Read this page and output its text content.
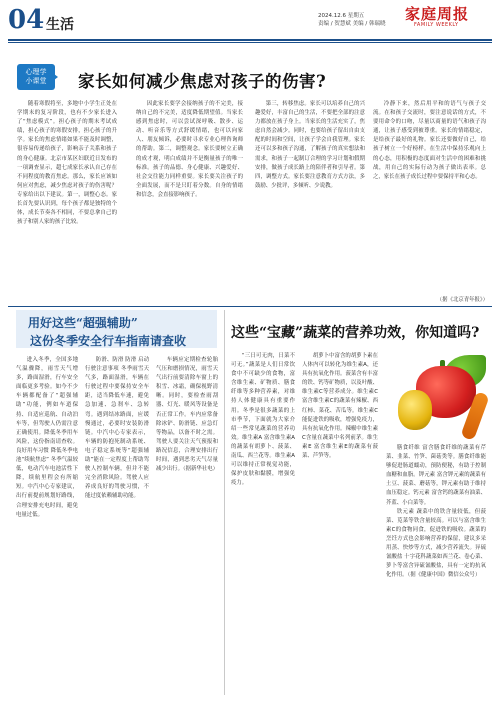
04 生活
2024.12.6 星期五
责编 / 贺慧斌 美编 / 韩瑞晓
家庭周报
FAMILY WEEKLY
心理学
小课堂	家长如何减少焦虑对孩子的伤害?

随着寒假将至，多地中小学生正处在学期末的复习阶段，也有不少家长进入了“焦虑模式”。担心孩子的期末考试成绩，担心孩子的寒假安排，担心孩子的升学。家长的焦虑情绪如果不能及时调整，很容易传递给孩子，影响亲子关系和孩子的身心健康。北京市某区妇联近日发布的一项调查显示，超七成家长承认自己存在不同程度的教育焦虑。那么，家长应该如何应对焦虑，减少焦虑对孩子的伤害呢？专家给出以下建议。第一，调整心态。家长首先要认识到，每个孩子都是独特的个体，成长节奏各不相同，不要总拿自己的孩子和别人家的孩子比较。

因此家长要学会接纳孩子的不完美，接纳自己的不完美，适度降低期望值。当家长感到焦虑时，可以尝试深呼吸、散步、运动、听音乐等方式舒缓情绪，也可以向家人、朋友倾诉，必要时寻求专业心理咨询师的帮助。第二，调整观念。家长要树立正确的成才观，明白成绩并不是衡量孩子的唯一标准。孩子的品德、身心健康、兴趣爱好、社会交往能力同样重要。家长要关注孩子的全面发展，而不是只盯着分数。自身的情绪和信念，会直接影响孩子。

第三，转移焦虑。家长可以培养自己的兴趣爱好，丰富自己的生活，不要把全部的注意力都放在孩子身上。当家长的生活充实了，焦虑自然会减少。同时，也要给孩子留出自由支配的时间和空间，让孩子学会自我管理。家长还可以多和孩子沟通，了解孩子的真实想法和需求，和孩子一起制订合理的学习计划和假期安排，做孩子成长路上的陪伴者和引导者。第四，调整方式。家长要注意教育方式方法，多鼓励、少批评，多倾听、少说教。

冷静下来，然后用平和的语气与孩子交流。在和孩子交流时，要注意说话的方式，不要用命令的口吻，尽量以商量的语气和孩子沟通，让孩子感受到被尊重。家长的情绪稳定，是给孩子最好的礼物。家长还要做好自己，给孩子树立一个好榜样。在生活中保持乐观向上的心态，用积极的态度面对生活中的困难和挑战，用自己的实际行动为孩子做出表率。总之，家长在孩子成长过程中要保持平和心态。

（据《北京青年报》）
用好这些“超强辅助”
这份冬季安全行车指南请查收

进入冬季，全国多地气温骤降，雨雪天气增多，路面湿滑，行车安全面临更多考验。如今不少车辆都配备了“超强辅助”功能，例如车道保持、自适应巡航、自动泊车等，但驾驶人仍需注意正确使用。降低冬季用车风险，这份指南请查收。良好用车习惯 降低冬季电池“续航焦虑” 冬季气温较低，电动汽车电池活性下降，续航里程会有所缩短。中汽中心专家建议，出行前提前规划好路线，合理安排充电时间，避免电量过低。

防滑、防滑 防滑 启动行驶注意事项 冬季雨雪天气多，路面湿滑，车辆在行驶过程中要保持安全车距，适当降低车速，避免急加速、急刹车、急转弯。遇到结冰路面，应缓慢通过，必要时安装防滑链。中汽中心专家表示，车辆的防抱死制动系统、电子稳定系统等“超强辅助”能在一定程度上帮助驾驶人控制车辆，但并不能完全消除风险。驾驶人应养成良好的驾驶习惯，不能过度依赖辅助功能。

车辆应定期检查轮胎气压和磨损情况，雨雪天气出行前要清除车窗上的积雪、冰霜，确保视野清晰。同时，要检查雨刮器、灯光、暖风等设备是否正常工作。车内应常备除冰铲、防滑链、应急灯等物品，以备不时之需。驾驶人要关注天气预报和路况信息，合理安排出行时间，遇到恶劣天气尽量减少出行。（据新华社电）

这些“宝藏”蔬菜的营养功效，你知道吗?

“三日可无肉，日菜不可无。”蔬菜是人们日常饮食中不可缺少的食物，富含维生素、矿物质、膳食纤维等多种营养素，对维持人体健康具有重要作用。冬季是很多蔬菜的上市季节，下面就为大家介绍一些常见蔬菜的营养功效。维生素A 富含维生素A的蔬菜有胡萝卜、菠菜、南瓜、西兰花等。维生素A可以维持正常视觉功能，保护皮肤和黏膜，增强免疫力。

胡萝卜中富含的胡萝卜素在人体内可以转化为维生素A，还具有抗氧化作用。菠菜含有丰富的铁、钙等矿物质，以及叶酸、维生素C等营养成分。维生素C 富含维生素C的蔬菜有辣椒、西红柿、菜花、苦瓜等。维生素C能促进铁的吸收，增强免疫力，具有抗氧化作用。辣椒中维生素C含量在蔬菜中名列前茅。维生素E 富含维生素E的蔬菜有菠菜、芦笋等。

膳食纤维 富含膳食纤维的蔬菜有芹菜、韭菜、竹笋、菌菇类等。膳食纤维能够促进肠道蠕动，预防便秘，有助于控制血糖和血脂。钾元素 富含钾元素的蔬菜有土豆、菠菜、蘑菇等，钾元素有助于维持血压稳定。钙元素 富含钙的蔬菜有油菜、芥蓝、小白菜等。

铁元素 蔬菜中的铁含量较低，但菠菜、苋菜等铁含量较高。可以与富含维生素C的食物同食，促进铁的吸收。蔬菜的烹饪方式也会影响营养的保留，建议多采用蒸、快炒等方式，减少营养流失。异硫氰酸盐 十字花科蔬菜如西兰花、卷心菜、萝卜等富含异硫氰酸盐，具有一定的抗氧化作用。（据《健康中国》微信公众号）
